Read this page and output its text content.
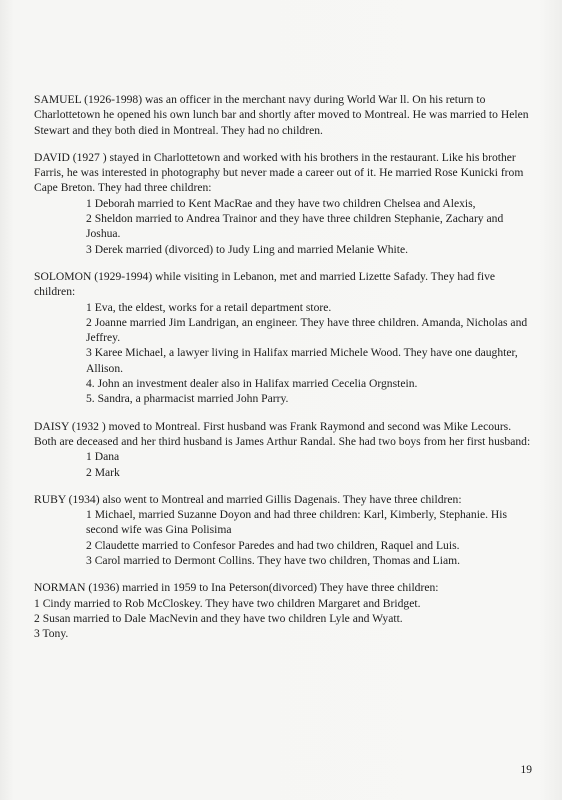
SAMUEL (1926-1998) was an officer in the merchant navy during World War ll. On his return to Charlottetown he opened his own lunch bar and shortly after moved to Montreal. He was married to Helen Stewart and they both died in Montreal. They had no children.

DAVID (1927 ) stayed in Charlottetown and worked with his brothers in the restaurant. Like his brother Farris, he was interested in photography but never made a career out of it. He married Rose Kunicki from Cape Breton. They had three children:

1 Deborah married to Kent MacRae and they have two children Chelsea and Alexis,
2 Sheldon married to Andrea Trainor and they have three children Stephanie, Zachary and Joshua.
3 Derek married (divorced) to Judy Ling and married Melanie White.

SOLOMON (1929-1994) while visiting in Lebanon, met and married Lizette Safady. They had five children:

1 Eva, the eldest, works for a retail department store.
2 Joanne married Jim Landrigan, an engineer. They have three children. Amanda, Nicholas and Jeffrey.
3 Karee Michael, a lawyer living in Halifax married Michele Wood. They have one daughter, Allison.
4. John an investment dealer also in Halifax married Cecelia Orgnstein.
5. Sandra, a pharmacist married John Parry.

DAISY (1932 ) moved to Montreal. First husband was Frank Raymond and second was Mike Lecours. Both are deceased and her third husband is James Arthur Randal. She had two boys from her first husband:

1 Dana
2 Mark

RUBY (1934) also went to Montreal and married Gillis Dagenais. They have three children:

1 Michael, married Suzanne Doyon and had three children: Karl, Kimberly, Stephanie. His second wife was Gina Polisima
2 Claudette married to Confesor Paredes and had two children, Raquel and Luis.
3 Carol married to Dermont Collins. They have two children, Thomas and Liam.

NORMAN (1936) married in 1959 to Ina Peterson(divorced) They have three children:

1 Cindy married to Rob McCloskey. They have two children Margaret and Bridget.
2 Susan married to Dale MacNevin and they have two children Lyle and Wyatt.
3 Tony.
19
